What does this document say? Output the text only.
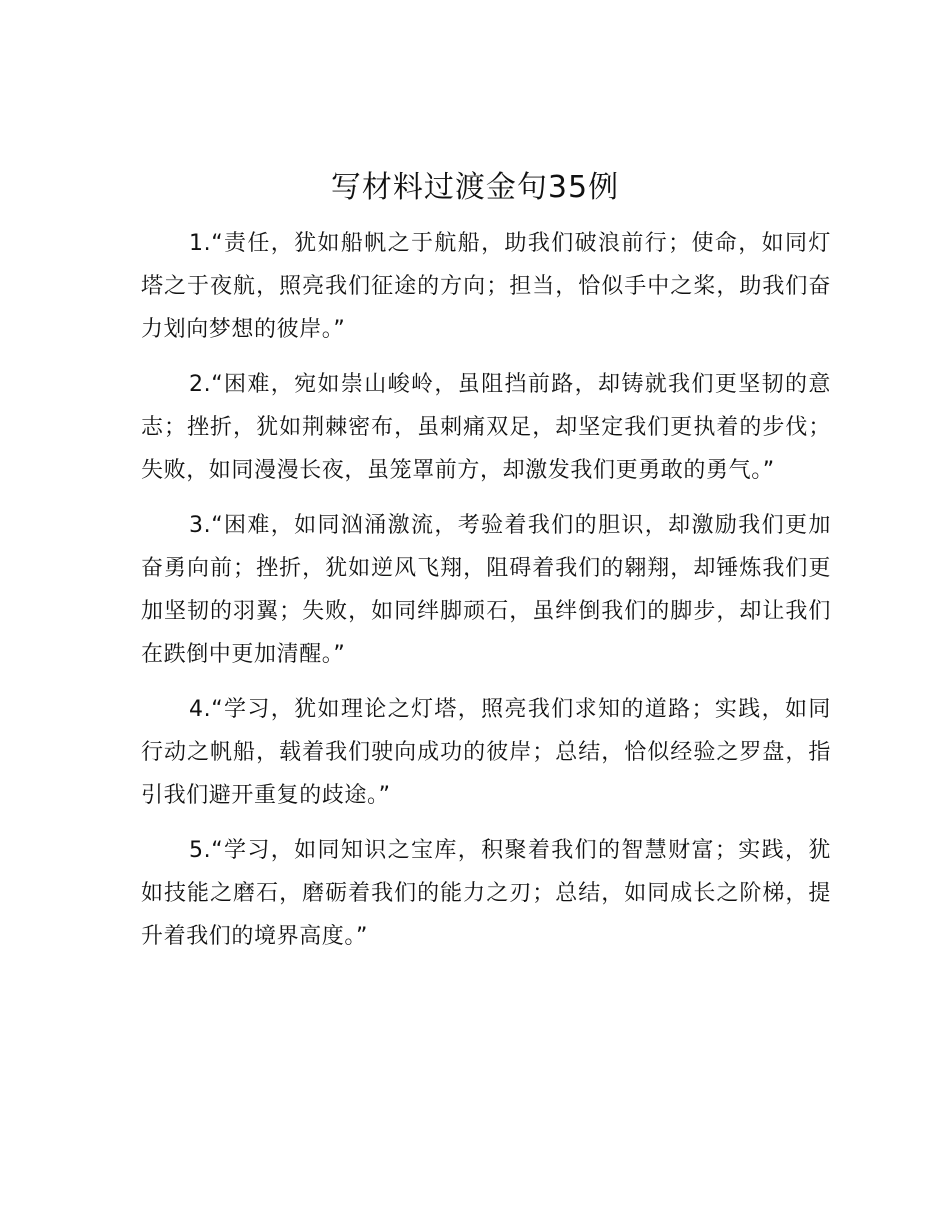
写材料过渡金句35例

1.“责任，犹如船帆之于航船，助我们破浪前行；使命，如同灯塔之于夜航，照亮我们征途的方向；担当，恰似手中之桨，助我们奋力划向梦想的彼岸。”

2.“困难，宛如崇山峻岭，虽阻挡前路，却铸就我们更坚韧的意志；挫折，犹如荆棘密布，虽刺痛双足，却坚定我们更执着的步伐；失败，如同漫漫长夜，虽笼罩前方，却激发我们更勇敢的勇气。”

3.“困难，如同汹涌激流，考验着我们的胆识，却激励我们更加奋勇向前；挫折，犹如逆风飞翔，阻碍着我们的翱翔，却锤炼我们更加坚韧的羽翼；失败，如同绊脚顽石，虽绊倒我们的脚步，却让我们在跌倒中更加清醒。”

4.“学习，犹如理论之灯塔，照亮我们求知的道路；实践，如同行动之帆船，载着我们驶向成功的彼岸；总结，恰似经验之罗盘，指引我们避开重复的歧途。”

5.“学习，如同知识之宝库，积聚着我们的智慧财富；实践，犹如技能之磨石，磨砺着我们的能力之刃；总结，如同成长之阶梯，提升着我们的境界高度。”
